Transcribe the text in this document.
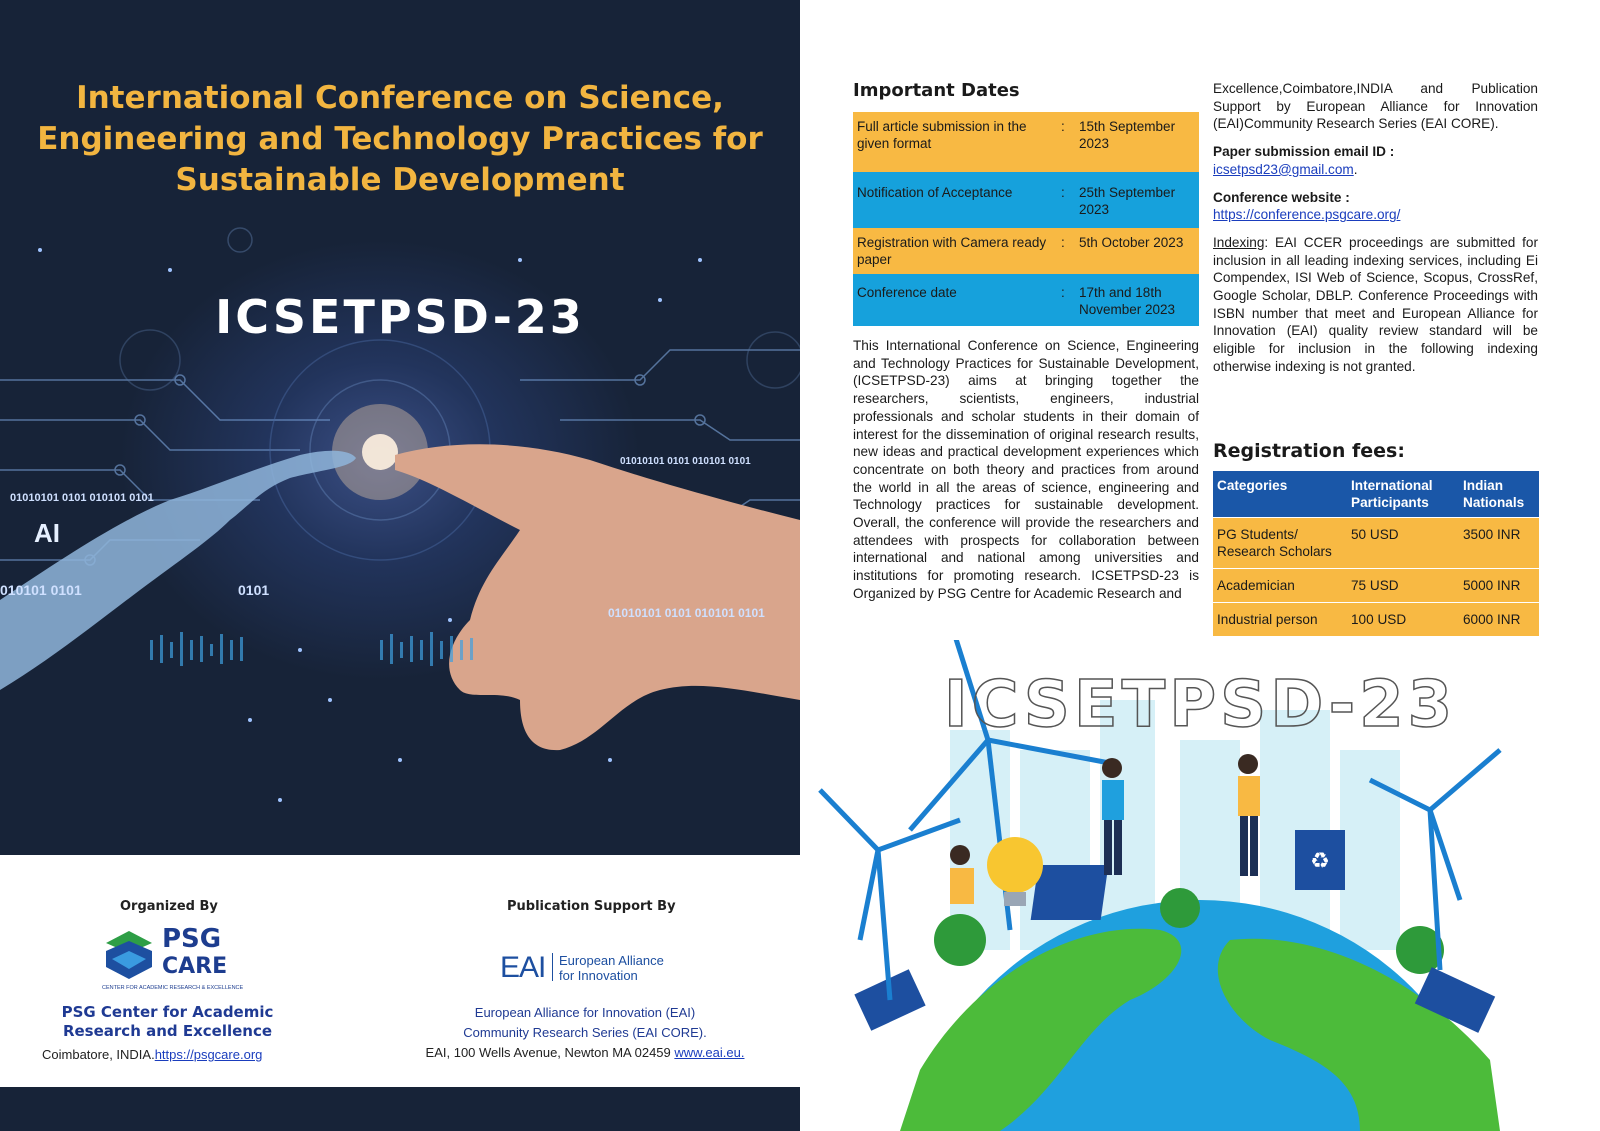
International Conference on Science, Engineering and Technology Practices for Sustainable Development
ICSETPSD-23
AI
01010101 0101 010101 0101
0101
010101 0101
01010101 0101 010101 0101
01010101 0101 010101 0101
Organized By
PSG
CARE
CENTER FOR ACADEMIC RESEARCH & EXCELLENCE
PSG Center for Academic Research and Excellence
Coimbatore, INDIA.https://psgcare.org
Publication Support By
EAI European Alliance
for Innovation
European Alliance for Innovation (EAI)
Community Research Series (EAI CORE).
EAI, 100 Wells Avenue, Newton MA 02459 www.eai.eu.
Important Dates
Full article submission in the given format	:	15th September 2023
Notification of Acceptance	:	25th September 2023
Registration with Camera ready paper	:	5th October 2023
Conference date	:	17th and 18th November 2023
This International Conference on Science, Engineering and Technology Practices for Sustainable Development, (ICSETPSD-23) aims at bringing together the researchers, scientists, engineers, industrial professionals and scholar students in their domain of interest for the dissemination of original research results, new ideas and practical development experiences which concentrate on both theory and practices from around the world in all the areas of science, engineering and Technology practices for sustainable development. Overall, the conference will provide the researchers and attendees with prospects for collaboration between international and national among universities and institutions for promoting research. ICSETPSD-23 is Organized by PSG Centre for Academic Research and
Excellence,Coimbatore,INDIA and Publication Support by European Alliance for Innovation (EAI)Community Research Series (EAI CORE).
Paper submission email ID :
icsetpsd23@gmail.com.
Conference website :
https://conference.psgcare.org/
Indexing: EAI CCER proceedings are submitted for inclusion in all leading indexing services, including Ei Compendex, ISI Web of Science, Scopus, CrossRef, Google Scholar, DBLP. Conference Proceedings with ISBN number that meet and European Alliance for Innovation (EAI) quality review standard will be eligible for inclusion in the following indexing otherwise indexing is not granted.
Registration fees:
Categories	International Participants	Indian Nationals
PG Students/ Research Scholars	50 USD	3500 INR
Academician	75 USD	5000 INR
Industrial person	100 USD	6000 INR
♻
ICSETPSD-23
